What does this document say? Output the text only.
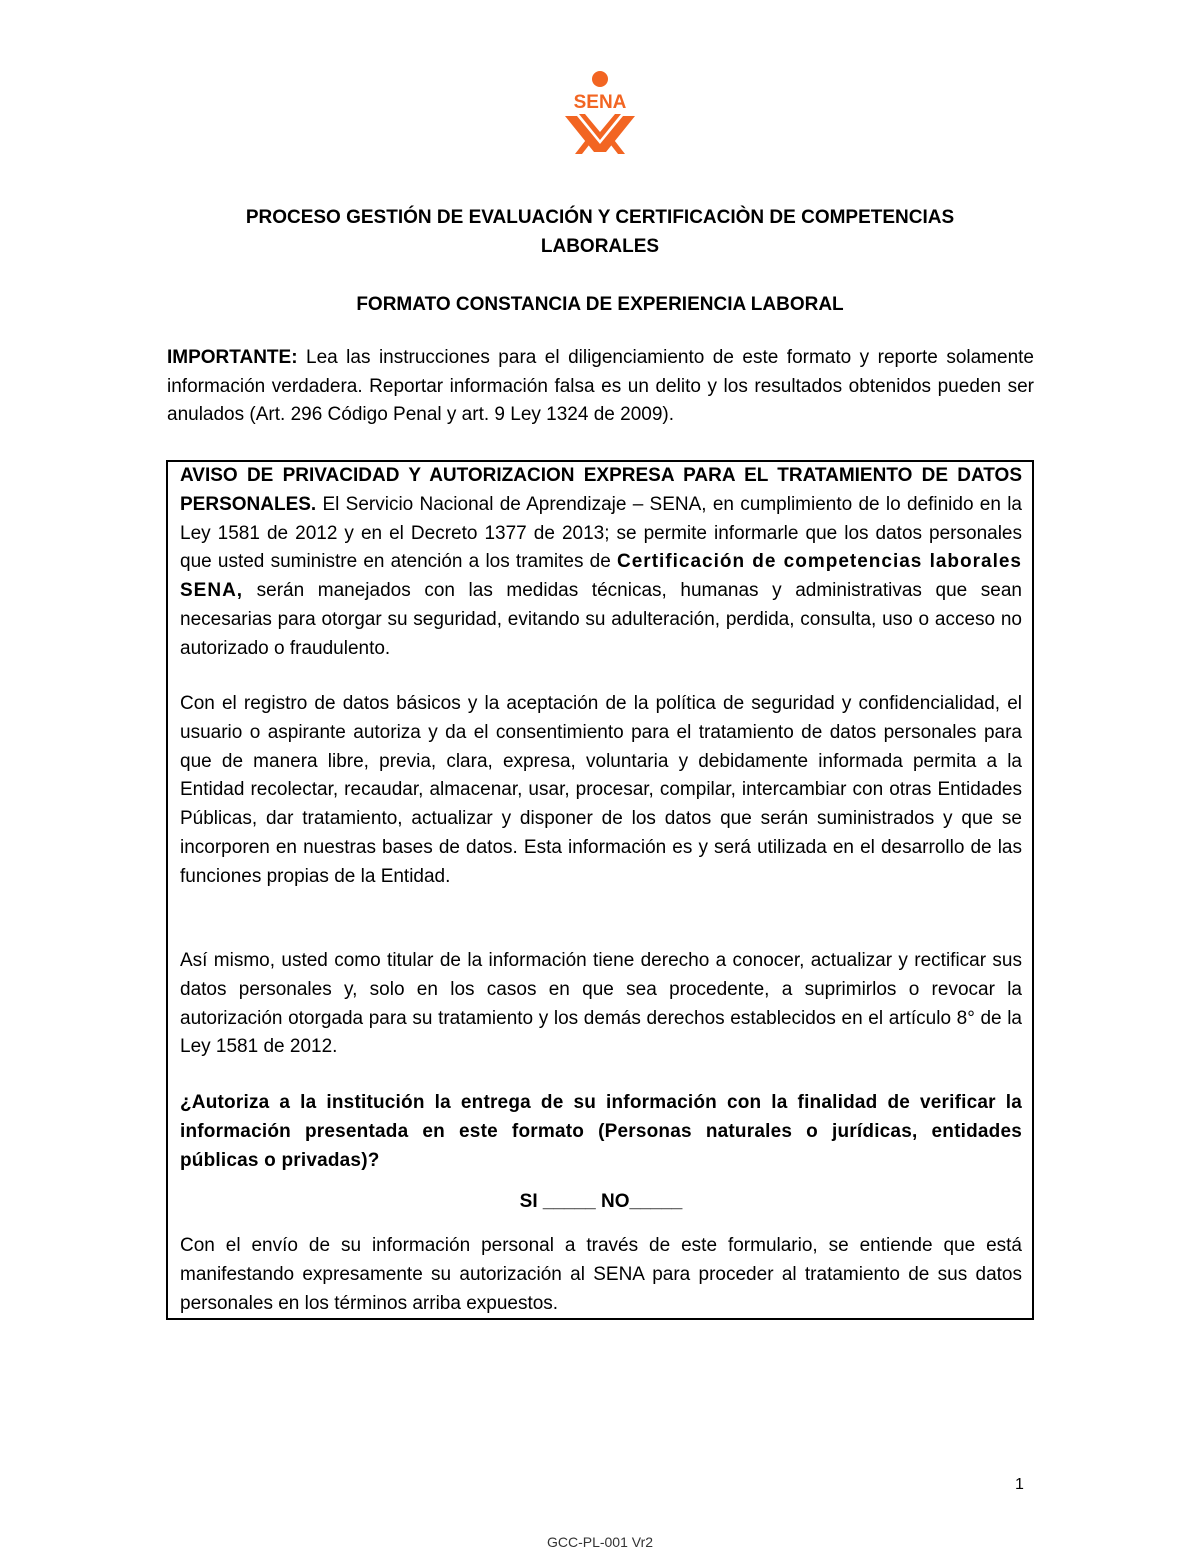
SENA
PROCESO GESTIÓN DE EVALUACIÓN Y CERTIFICACIÒN DE COMPETENCIAS
LABORALES
FORMATO CONSTANCIA DE EXPERIENCIA LABORAL
IMPORTANTE: Lea las instrucciones para el diligenciamiento de este formato y reporte solamente información verdadera. Reportar información falsa es un delito y los resultados obtenidos pueden ser anulados (Art. 296 Código Penal y art. 9 Ley 1324 de 2009).

AVISO DE PRIVACIDAD Y AUTORIZACION EXPRESA PARA EL TRATAMIENTO DE DATOS PERSONALES. El Servicio Nacional de Aprendizaje – SENA, en cumplimiento de lo definido en la Ley 1581 de 2012 y en el Decreto 1377 de 2013; se permite informarle que los datos personales que usted suministre en atención a los tramites de Certificación de competencias laborales SENA, serán manejados con las medidas técnicas, humanas y administrativas que sean necesarias para otorgar su seguridad, evitando su adulteración, perdida, consulta, uso o acceso no autorizado o fraudulento.

Con el registro de datos básicos y la aceptación de la política de seguridad y confidencialidad, el usuario o aspirante autoriza y da el consentimiento para el tratamiento de datos personales para que de manera libre, previa, clara, expresa, voluntaria y debidamente informada permita a la Entidad recolectar, recaudar, almacenar, usar, procesar, compilar, intercambiar con otras Entidades Públicas, dar tratamiento, actualizar y disponer de los datos que serán suministrados y que se incorporen en nuestras bases de datos. Esta información es y será utilizada en el desarrollo de las funciones propias de la Entidad.

Así mismo, usted como titular de la información tiene derecho a conocer, actualizar y rectificar sus datos personales y, solo en los casos en que sea procedente, a suprimirlos o revocar la autorización otorgada para su tratamiento y los demás derechos establecidos en el artículo 8° de la Ley 1581 de 2012.

¿Autoriza a la institución la entrega de su información con la finalidad de verificar la información presentada en este formato (Personas naturales o jurídicas, entidades públicas o privadas)?

SI _____ NO_____

Con el envío de su información personal a través de este formulario, se entiende que está manifestando expresamente su autorización al SENA para proceder al tratamiento de sus datos personales en los términos arriba expuestos.

1
GCC-PL-001 Vr2
